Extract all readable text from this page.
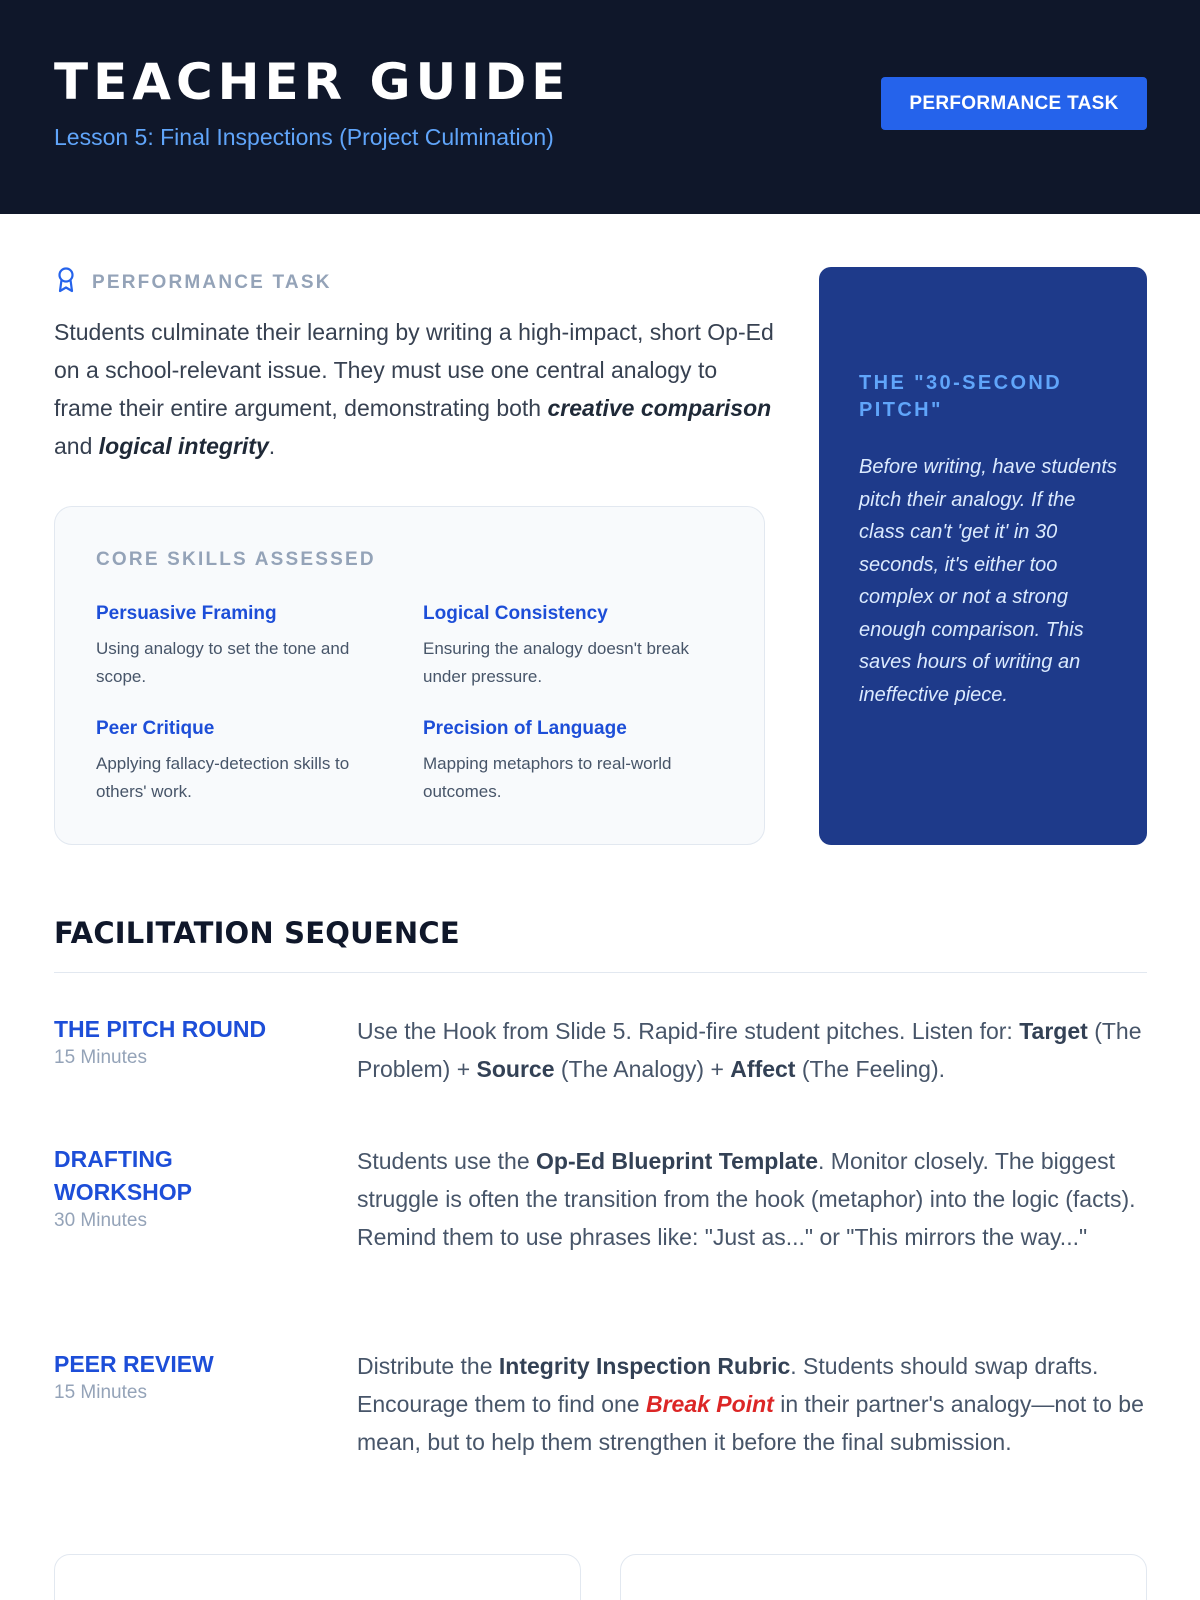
TEACHER GUIDE
Lesson 5: Final Inspections (Project Culmination)
PERFORMANCE TASK
PERFORMANCE TASK

Students culminate their learning by writing a high-impact, short Op-Ed on a school-relevant issue. They must use one central analogy to frame their entire argument, demonstrating both creative comparison and logical integrity.

CORE SKILLS ASSESSED
Persuasive Framing
Using analogy to set the tone and scope.
Logical Consistency
Ensuring the analogy doesn't break under pressure.
Peer Critique
Applying fallacy-detection skills to others' work.
Precision of Language
Mapping metaphors to real-world outcomes.
THE "30-SECOND PITCH"
Before writing, have students pitch their analogy. If the class can't 'get it' in 30 seconds, it's either too complex or not a strong enough comparison. This saves hours of writing an ineffective piece.
FACILITATION SEQUENCE
THE PITCH ROUND
15 Minutes

Use the Hook from Slide 5. Rapid-fire student pitches. Listen for: Target (The Problem) + Source (The Analogy) + Affect (The Feeling).

DRAFTING WORKSHOP
30 Minutes

Students use the Op-Ed Blueprint Template. Monitor closely. The biggest struggle is often the transition from the hook (metaphor) into the logic (facts). Remind them to use phrases like: "Just as..." or "This mirrors the way..."

PEER REVIEW
15 Minutes

Distribute the Integrity Inspection Rubric. Students should swap drafts. Encourage them to find one Break Point in their partner's analogy—not to be mean, but to help them strengthen it before the final submission.
